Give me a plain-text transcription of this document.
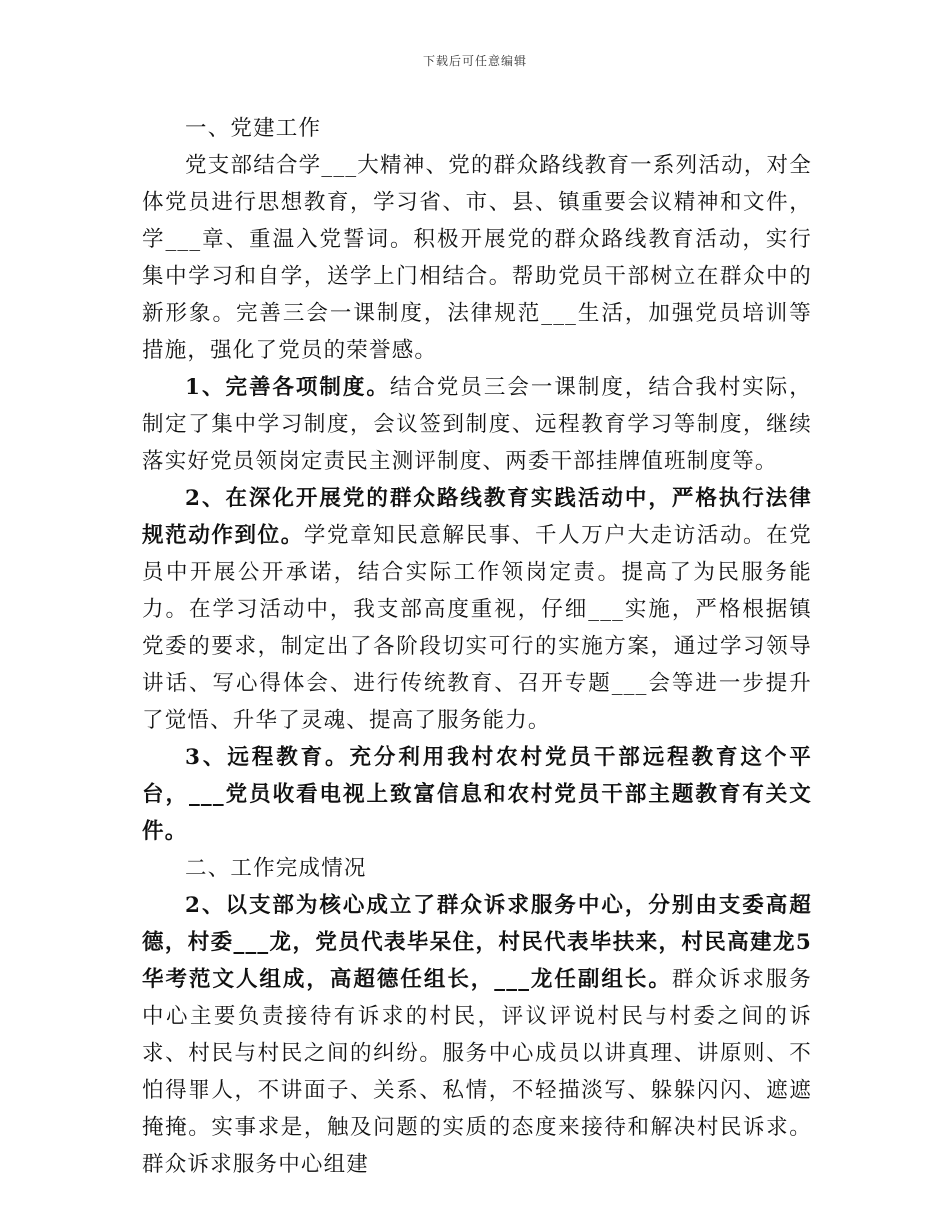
下载后可任意编辑

一、党建工作

党支部结合学___大精神、党的群众路线教育一系列活动，对全体党员进行思想教育，学习省、市、县、镇重要会议精神和文件，学___章、重温入党誓词。积极开展党的群众路线教育活动，实行集中学习和自学，送学上门相结合。帮助党员干部树立在群众中的新形象。完善三会一课制度，法律规范___生活，加强党员培训等措施，强化了党员的荣誉感。

1、完善各项制度。结合党员三会一课制度，结合我村实际，制定了集中学习制度，会议签到制度、远程教育学习等制度，继续落实好党员领岗定责民主测评制度、两委干部挂牌值班制度等。

2、在深化开展党的群众路线教育实践活动中，严格执行法律规范动作到位。学党章知民意解民事、千人万户大走访活动。在党员中开展公开承诺，结合实际工作领岗定责。提高了为民服务能力。在学习活动中，我支部高度重视，仔细___实施，严格根据镇党委的要求，制定出了各阶段切实可行的实施方案，通过学习领导讲话、写心得体会、进行传统教育、召开专题___会等进一步提升了觉悟、升华了灵魂、提高了服务能力。

3、远程教育。充分利用我村农村党员干部远程教育这个平台，___党员收看电视上致富信息和农村党员干部主题教育有关文件。

二、工作完成情况

2、以支部为核心成立了群众诉求服务中心，分别由支委高超德，村委___龙，党员代表毕呆住，村民代表毕扶来，村民高建龙5华考范文人组成，高超德任组长，___龙任副组长。群众诉求服务中心主要负责接待有诉求的村民，评议评说村民与村委之间的诉求、村民与村民之间的纠纷。服务中心成员以讲真理、讲原则、不怕得罪人，不讲面子、关系、私情，不轻描淡写、躲躲闪闪、遮遮掩掩。实事求是，触及问题的实质的态度来接待和解决村民诉求。群众诉求服务中心组建
